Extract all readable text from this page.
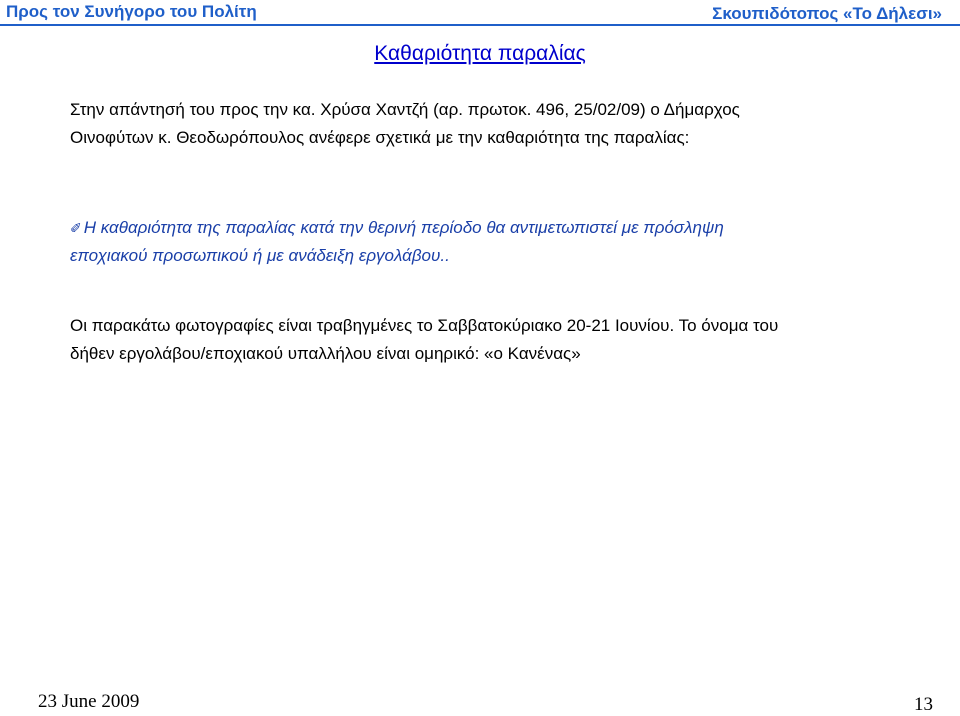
Προς τον Συνήγορο του Πολίτη	Σκουπιδότοπος «Το Δήλεσι»
Καθαριότητα παραλίας
Στην απάντησή του προς την κα. Χρύσα Χαντζή (αρ. πρωτοκ. 496, 25/02/09) ο Δήμαρχος Οινοφύτων κ. Θεοδωρόπουλος ανέφερε σχετικά με την καθαριότητα της παραλίας:
✐ Η καθαριότητα της παραλίας κατά την θερινή περίοδο θα αντιμετωπιστεί με πρόσληψη εποχιακού προσωπικού ή με ανάδειξη εργολάβου..
Οι παρακάτω φωτογραφίες είναι τραβηγμένες το Σαββατοκύριακο 20-21 Ιουνίου. Το όνομα του δήθεν εργολάβου/εποχιακού υπαλλήλου είναι ομηρικό: «ο Κανένας»
23 June 2009	13
